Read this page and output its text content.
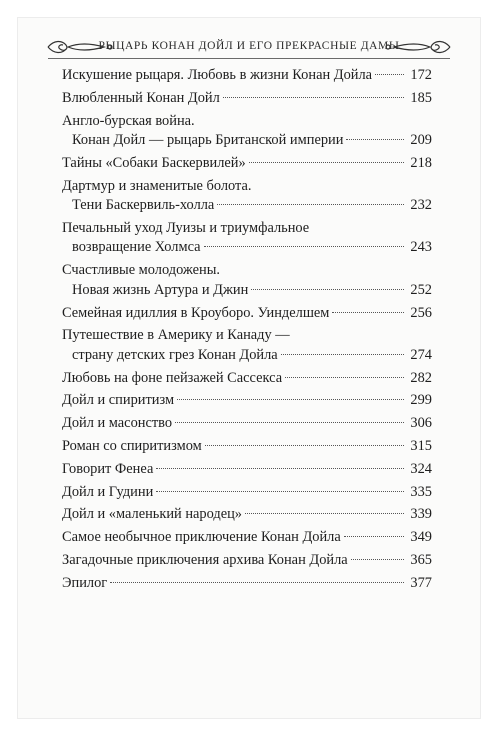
РЫЦАРЬ КОНАН ДОЙЛ И ЕГО ПРЕКРАСНЫЕ ДАМЫ
Искушение рыцаря. Любовь в жизни Конан Дойла	172
Влюбленный Конан Дойл	185
Англо-бурская война.
Конан Дойл — рыцарь Бритaнской империи	209
Тайны «Собаки Баскервилей»	218
Дартмур и знаменитые болота.
Тени Баскервиль-холла	232
Печальный уход Луизы и триумфальное
возвращение Холмса	243
Счастливые молодожены.
Новая жизнь Артура и Джин	252
Семейная идиллия в Кроуборо. Уинделшем	256
Путешествие в Америку и Канаду —
страну детских грез Конан Дойла	274
Любовь на фоне пейзажей Сассекса	282
Дойл и спиритизм	299
Дойл и масонство	306
Роман со спиритизмом	315
Говорит Фенеа	324
Дойл и Гудини	335
Дойл и «маленький народец»	339
Самое необычное приключение Конан Дойла	349
Загадочные приключения архива Конан Дойла	365
Эпилог	377
